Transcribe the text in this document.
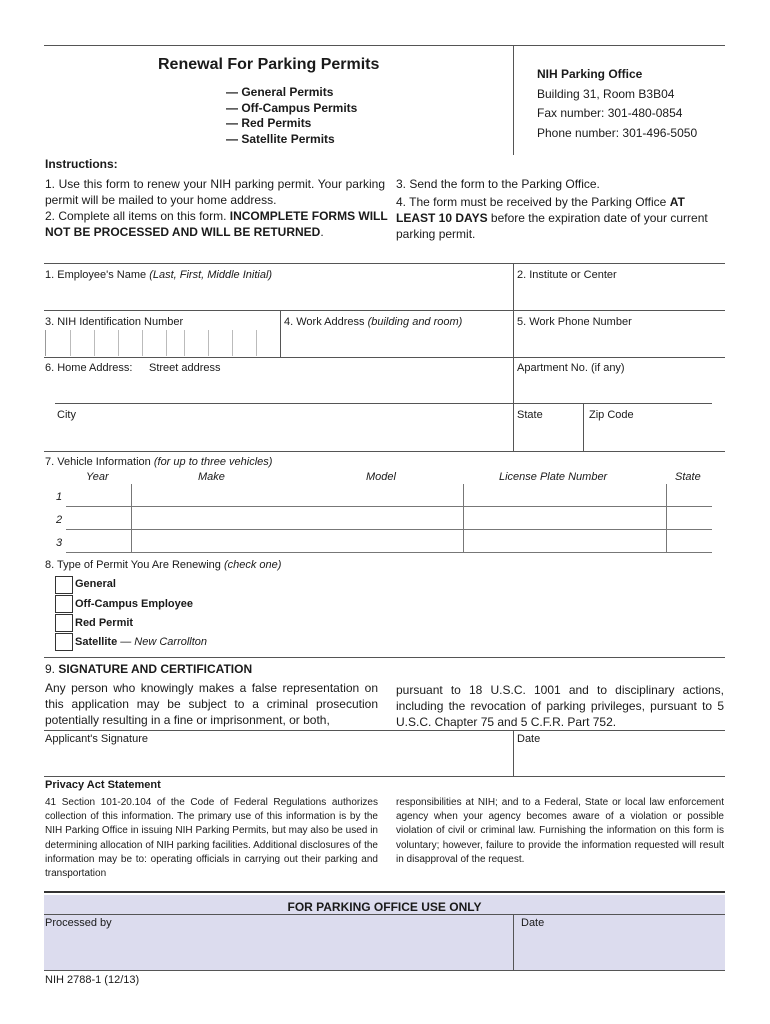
Renewal For Parking Permits
— General Permits
— Off-Campus Permits
— Red Permits
— Satellite Permits
NIH Parking Office
Building 31, Room B3B04
Fax number: 301-480-0854
Phone number: 301-496-5050
Instructions:
1. Use this form to renew your NIH parking permit. Your parking permit will be mailed to your home address.
2. Complete all items on this form. INCOMPLETE FORMS WILL NOT BE PROCESSED AND WILL BE RETURNED.
3. Send the form to the Parking Office.
4. The form must be received by the Parking Office AT LEAST 10 DAYS before the expiration date of your current parking permit.
1. Employee's Name (Last, First, Middle Initial)	2. Institute or Center
3. NIH Identification Number	4. Work Address (building and room)	5. Work Phone Number
6. Home Address: Street address	Apartment No. (if any)
City	State	Zip Code
7. Vehicle Information (for up to three vehicles)
Year	Make	Model	License Plate Number	State
1
2
3
8. Type of Permit You Are Renewing (check one)
General
Off-Campus Employee
Red Permit
Satellite — New Carrollton
9. SIGNATURE AND CERTIFICATION
Any person who knowingly makes a false representation on this application may be subject to a criminal prosecution potentially resulting in a fine or imprisonment, or both,
pursuant to 18 U.S.C. 1001 and to disciplinary actions, including the revocation of parking privileges, pursuant to 5 U.S.C. Chapter 75 and 5 C.F.R. Part 752.
Applicant's Signature	Date
Privacy Act Statement
41 Section 101-20.104 of the Code of Federal Regulations authorizes collection of this information. The primary use of this information is by the NIH Parking Office in issuing NIH Parking Permits, but may also be used in determining allocation of NIH parking facilities. Additional disclosures of the information may be to: operating officials in carrying out their parking and transportation
responsibilities at NIH; and to a Federal, State or local law enforcement agency when your agency becomes aware of a violation or possible violation of civil or criminal law. Furnishing the information on this form is voluntary; however, failure to provide the information requested will result in disapproval of the request.
FOR PARKING OFFICE USE ONLY
Processed by	Date
NIH 2788-1 (12/13)
